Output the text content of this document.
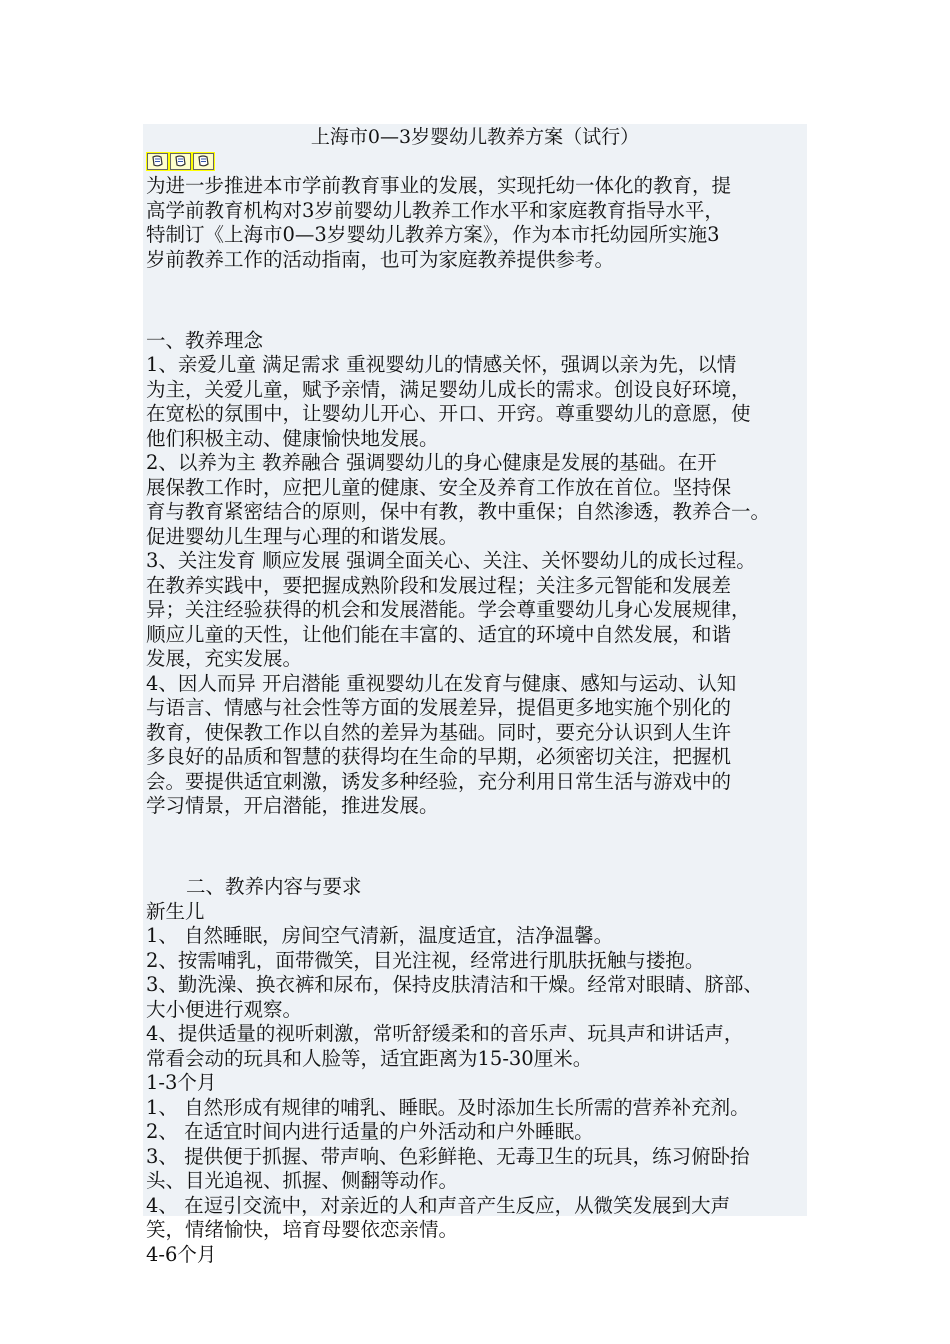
上海市0—3岁婴幼儿教养方案（试行）

为进一步推进本市学前教育事业的发展，实现托幼一体化的教育，提

高学前教育机构对3岁前婴幼儿教养工作水平和家庭教育指导水平，

特制订《上海市0—3岁婴幼儿教养方案》，作为本市托幼园所实施3

岁前教养工作的活动指南，也可为家庭教养提供参考。

一、教养理念

1、亲爱儿童 满足需求 重视婴幼儿的情感关怀，强调以亲为先，以情

为主，关爱儿童，赋予亲情，满足婴幼儿成长的需求。创设良好环境，

在宽松的氛围中，让婴幼儿开心、开口、开窍。尊重婴幼儿的意愿，使

他们积极主动、健康愉快地发展。

2、以养为主 教养融合 强调婴幼儿的身心健康是发展的基础。在开

展保教工作时，应把儿童的健康、安全及养育工作放在首位。坚持保

育与教育紧密结合的原则，保中有教，教中重保；自然渗透，教养合一。

促进婴幼儿生理与心理的和谐发展。

3、关注发育 顺应发展 强调全面关心、关注、关怀婴幼儿的成长过程。

在教养实践中，要把握成熟阶段和发展过程；关注多元智能和发展差

异；关注经验获得的机会和发展潜能。学会尊重婴幼儿身心发展规律，

顺应儿童的天性，让他们能在丰富的、适宜的环境中自然发展，和谐

发展，充实发展。

4、因人而异 开启潜能 重视婴幼儿在发育与健康、感知与运动、认知

与语言、情感与社会性等方面的发展差异，提倡更多地实施个别化的

教育，使保教工作以自然的差异为基础。同时，要充分认识到人生许

多良好的品质和智慧的获得均在生命的早期，必须密切关注，把握机

会。要提供适宜刺激，诱发多种经验，充分利用日常生活与游戏中的

学习情景，开启潜能，推进发展。

二、教养内容与要求

新生儿

1、 自然睡眠，房间空气清新，温度适宜，洁净温馨。

2、按需哺乳，面带微笑，目光注视，经常进行肌肤抚触与搂抱。

3、勤洗澡、换衣裤和尿布，保持皮肤清洁和干燥。经常对眼睛、脐部、

大小便进行观察。

4、提供适量的视听刺激，常听舒缓柔和的音乐声、玩具声和讲话声，

常看会动的玩具和人脸等，适宜距离为15-30厘米。

1-3个月

1、 自然形成有规律的哺乳、睡眠。及时添加生长所需的营养补充剂。

2、 在适宜时间内进行适量的户外活动和户外睡眠。

3、 提供便于抓握、带声响、色彩鲜艳、无毒卫生的玩具，练习俯卧抬

头、目光追视、抓握、侧翻等动作。

4、 在逗引交流中，对亲近的人和声音产生反应，从微笑发展到大声

笑，情绪愉快，培育母婴依恋亲情。

4-6个月
